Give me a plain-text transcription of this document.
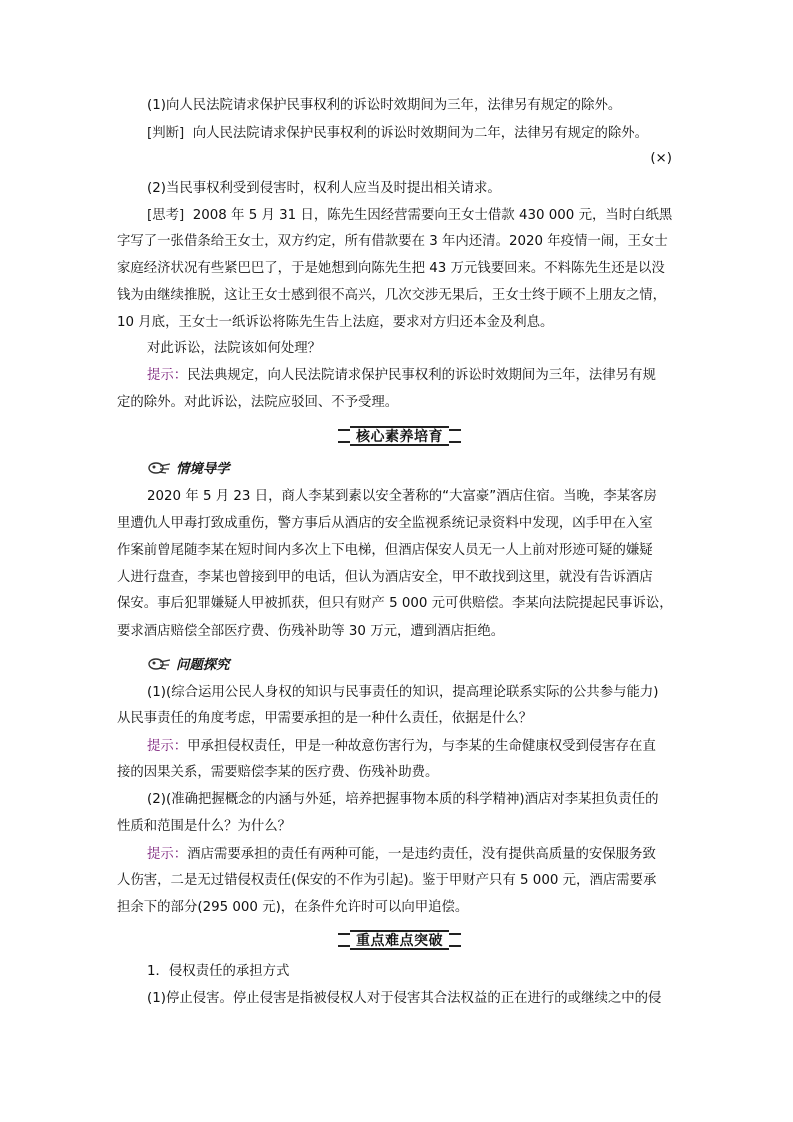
(1)向人民法院请求保护民事权利的诉讼时效期间为三年，法律另有规定的除外。
[判断] 向人民法院请求保护民事权利的诉讼时效期间为二年，法律另有规定的除外。
(×)
(2)当民事权利受到侵害时，权利人应当及时提出相关请求。
[思考] 2008 年 5 月 31 日，陈先生因经营需要向王女士借款 430 000 元，当时白纸黑
字写了一张借条给王女士，双方约定，所有借款要在 3 年内还清。2020 年疫情一闹，王女士
家庭经济状况有些紧巴巴了，于是她想到向陈先生把 43 万元钱要回来。不料陈先生还是以没
钱为由继续推脱，这让王女士感到很不高兴，几次交涉无果后，王女士终于顾不上朋友之情，
10 月底，王女士一纸诉讼将陈先生告上法庭，要求对方归还本金及利息。
对此诉讼，法院该如何处理？
提示：民法典规定，向人民法院请求保护民事权利的诉讼时效期间为三年，法律另有规
定的除外。对此诉讼，法院应驳回、不予受理。
核心素养培育
情境导学
2020 年 5 月 23 日，商人李某到素以安全著称的“大富豪”酒店住宿。当晚，李某客房
里遭仇人甲毒打致成重伤，警方事后从酒店的安全监视系统记录资料中发现，凶手甲在入室
作案前曾尾随李某在短时间内多次上下电梯，但酒店保安人员无一人上前对形迹可疑的嫌疑
人进行盘查，李某也曾接到甲的电话，但认为酒店安全，甲不敢找到这里，就没有告诉酒店
保安。事后犯罪嫌疑人甲被抓获，但只有财产 5 000 元可供赔偿。李某向法院提起民事诉讼，
要求酒店赔偿全部医疗费、伤残补助等 30 万元，遭到酒店拒绝。
问题探究
(1)(综合运用公民人身权的知识与民事责任的知识，提高理论联系实际的公共参与能力)
从民事责任的角度考虑，甲需要承担的是一种什么责任，依据是什么？
提示：甲承担侵权责任，甲是一种故意伤害行为，与李某的生命健康权受到侵害存在直
接的因果关系，需要赔偿李某的医疗费、伤残补助费。
(2)(准确把握概念的内涵与外延，培养把握事物本质的科学精神)酒店对李某担负责任的
性质和范围是什么？为什么？
提示：酒店需要承担的责任有两种可能，一是违约责任，没有提供高质量的安保服务致
人伤害，二是无过错侵权责任(保安的不作为引起)。鉴于甲财产只有 5 000 元，酒店需要承
担余下的部分(295 000 元)，在条件允许时可以向甲追偿。
重点难点突破
1．侵权责任的承担方式
(1)停止侵害。停止侵害是指被侵权人对于侵害其合法权益的正在进行的或继续之中的侵
